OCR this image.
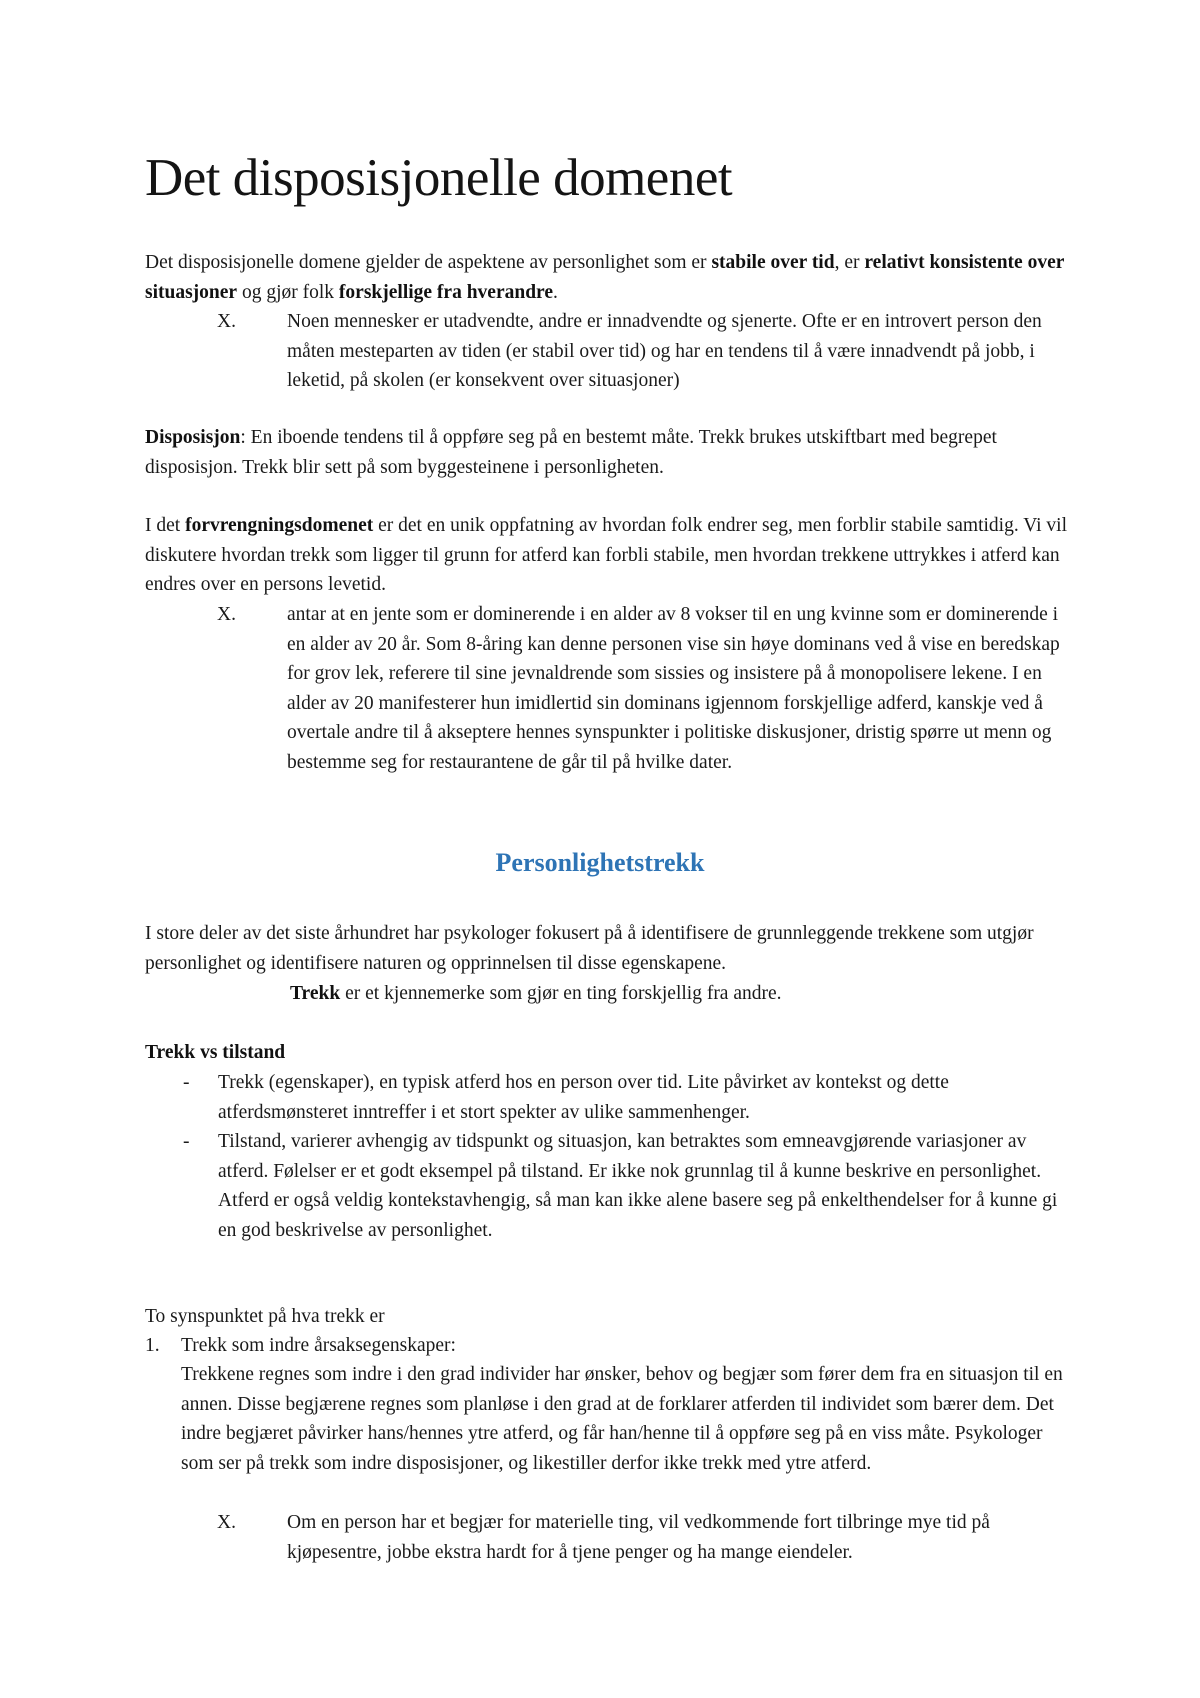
Det disposisjonelle domenet

Det disposisjonelle domene gjelder de aspektene av personlighet som er stabile over tid, er relativt konsistente over situasjoner og gjør folk forskjellige fra hverandre.

X.	Noen mennesker er utadvendte, andre er innadvendte og sjenerte. Ofte er en introvert person den måten mesteparten av tiden (er stabil over tid) og har en tendens til å være innadvendt på jobb, i leketid, på skolen (er konsekvent over situasjoner)

Disposisjon: En iboende tendens til å oppføre seg på en bestemt måte. Trekk brukes utskiftbart med begrepet disposisjon. Trekk blir sett på som byggesteinene i personligheten.

I det forvrengningsdomenet er det en unik oppfatning av hvordan folk endrer seg, men forblir stabile samtidig. Vi vil diskutere hvordan trekk som ligger til grunn for atferd kan forbli stabile, men hvordan trekkene uttrykkes i atferd kan endres over en persons levetid.

X.	antar at en jente som er dominerende i en alder av 8 vokser til en ung kvinne som er dominerende i en alder av 20 år. Som 8-åring kan denne personen vise sin høye dominans ved å vise en beredskap for grov lek, referere til sine jevnaldrende som sissies og insistere på å monopolisere lekene. I en alder av 20 manifesterer hun imidlertid sin dominans igjennom forskjellige adferd, kanskje ved å overtale andre til å akseptere hennes synspunkter i politiske diskusjoner, dristig spørre ut menn og bestemme seg for restaurantene de går til på hvilke dater.
Personlighetstrekk

I store deler av det siste århundret har psykologer fokusert på å identifisere de grunnleggende trekkene som utgjør personlighet og identifisere naturen og opprinnelsen til disse egenskapene.

Trekk er et kjennemerke som gjør en ting forskjellig fra andre.
Trekk vs tilstand
- Trekk (egenskaper), en typisk atferd hos en person over tid. Lite påvirket av kontekst og dette atferdsmønsteret inntreffer i et stort spekter av ulike sammenhenger.
- Tilstand, varierer avhengig av tidspunkt og situasjon, kan betraktes som emneavgjørende variasjoner av atferd. Følelser er et godt eksempel på tilstand. Er ikke nok grunnlag til å kunne beskrive en personlighet. Atferd er også veldig kontekstavhengig, så man kan ikke alene basere seg på enkelthendelser for å kunne gi en god beskrivelse av personlighet.
To synspunktet på hva trekk er
1. Trekk som indre årsaksegenskaper:
Trekkene regnes som indre i den grad individer har ønsker, behov og begjær som fører dem fra en situasjon til en annen. Disse begjærene regnes som planløse i den grad at de forklarer atferden til individet som bærer dem. Det indre begjæret påvirker hans/hennes ytre atferd, og får han/henne til å oppføre seg på en viss måte. Psykologer som ser på trekk som indre disposisjoner, og likestiller derfor ikke trekk med ytre atferd.
X.	Om en person har et begjær for materielle ting, vil vedkommende fort tilbringe mye tid på kjøpesentre, jobbe ekstra hardt for å tjene penger og ha mange eiendeler.
